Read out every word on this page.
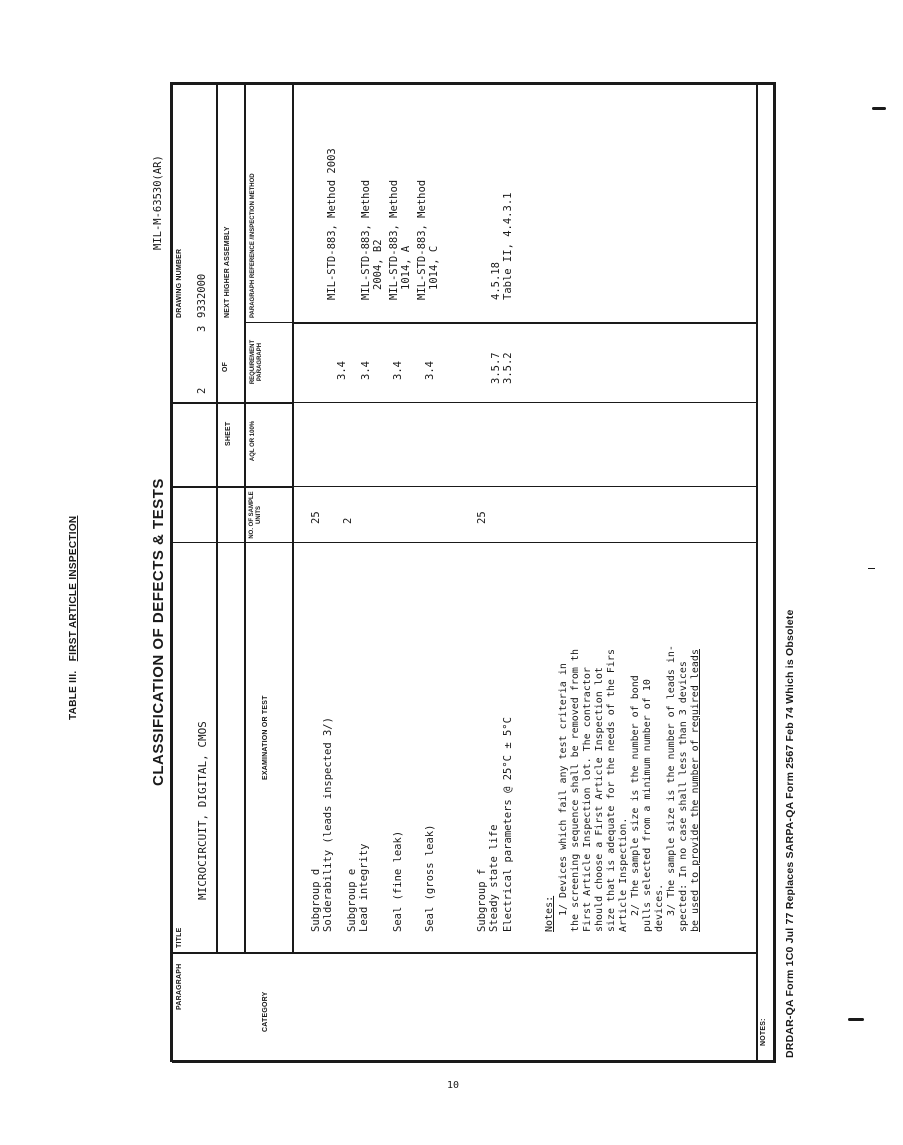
TABLE III.   FIRST ARTICLE INSPECTION	CLASSIFICATION OF DEFECTS & TESTS
MIL-M-63530(AR)
PARAGRAPH
TITLE
MICROCIRCUIT, DIGITAL, CMOS
SHEET
2
OF
3
DRAWING NUMBER 9332000 NEXT HIGHER ASSEMBLY
CATEGORY
EXAMINATION OR TEST
NO. OF SAMPLE UNITS
AQL OR 100%
REQUIREMENT PARAGRAPH
PARAGRAPH REFERENCE /INSPECTION METHOD
Subgroup d Solderability (leads inspected 3/)
25
3.4
MIL-STD-883, Method 2003
Subgroup e Lead integrity
2
3.4
MIL-STD-883, Method 2004, B2
Seal (fine leak)
3.4
MIL-STD-883, Method 1014, A
Seal (gross leak)
3.4
MIL-STD-883, Method 1014, C
Subgroup f Steady state life
25
3.5.7
4.5.18
Electrical parameters @ 25°C ± 5°C
3.5.2
Table II, 4.4.3.1
Notes: 1/ Devices which fail any test criteria in the screening sequence shall be removed from th First Article Inspection lot. The contractor should choose a First Article Inspection lot size that is adequate for the needs of the Firs Article Inspection. 2/ The sample size is the number of bond pulls selected from a minimum number of 10 devices. 3/ The sample size is the number of leads in- spected: In no case shall less than 3 devices be used to provide the number of required leads
NOTES: DRDAR-QA Form 1C0 Jul 77 Replaces SARPA-QA Form 2567 Feb 74 Which is Obsolete
10
